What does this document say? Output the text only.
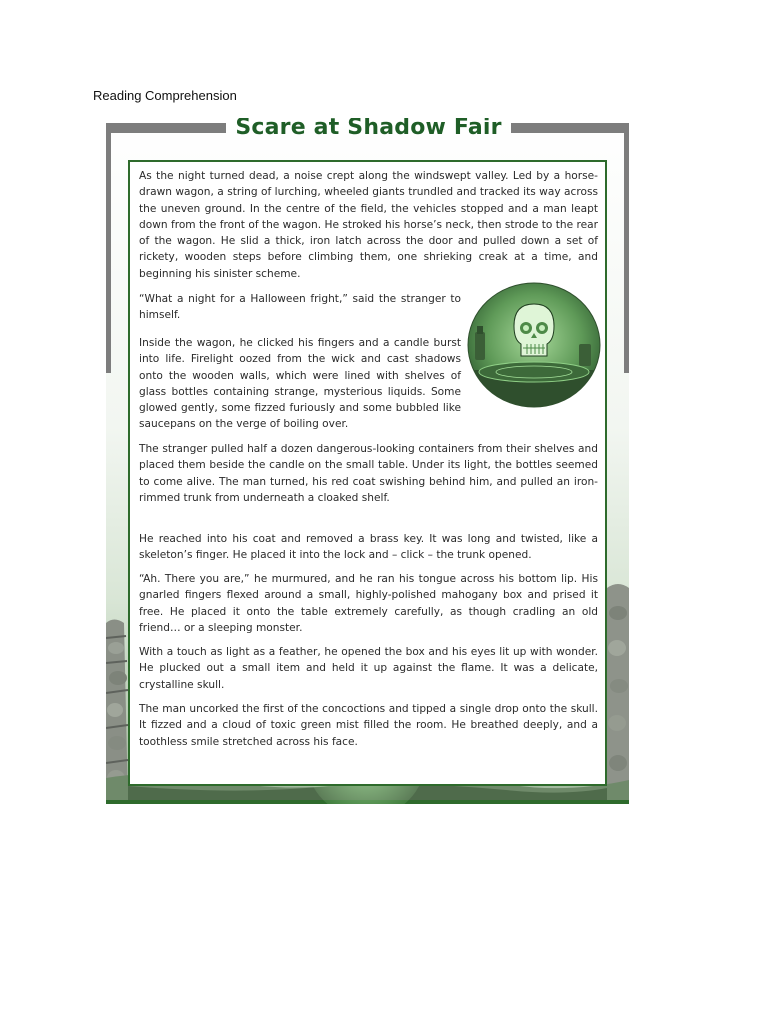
Reading Comprehension
Scare at Shadow Fair

As the night turned dead, a noise crept along the windswept valley. Led by a horse-drawn wagon, a string of lurching, wheeled giants trundled and tracked its way across the uneven ground. In the centre of the field, the vehicles stopped and a man leapt down from the front of the wagon. He stroked his horse’s neck, then strode to the rear of the wagon. He slid a thick, iron latch across the door and pulled down a set of rickety, wooden steps before climbing them, one shrieking creak at a time, and beginning his sinister scheme.

“What a night for a Halloween fright,” said the stranger to himself.

Inside the wagon, he clicked his fingers and a candle burst into life. Firelight oozed from the wick and cast shadows onto the wooden walls, which were lined with shelves of glass bottles containing strange, mysterious liquids. Some glowed gently, some fizzed furiously and some bubbled like saucepans on the verge of boiling over.

The stranger pulled half a dozen dangerous-looking containers from their shelves and placed them beside the candle on the small table. Under its light, the bottles seemed to come alive. The man turned, his red coat swishing behind him, and pulled an iron-rimmed trunk from underneath a cloaked shelf.

He reached into his coat and removed a brass key. It was long and twisted, like a skeleton’s finger. He placed it into the lock and – click – the trunk opened.

“Ah. There you are,” he murmured, and he ran his tongue across his bottom lip. His gnarled fingers flexed around a small, highly-polished mahogany box and prised it free. He placed it onto the table extremely carefully, as though cradling an old friend… or a sleeping monster.

With a touch as light as a feather, he opened the box and his eyes lit up with wonder. He plucked out a small item and held it up against the flame. It was a delicate, crystalline skull.

The man uncorked the first of the concoctions and tipped a single drop onto the skull. It fizzed and a cloud of toxic green mist filled the room. He breathed deeply, and a toothless smile stretched across his face.
